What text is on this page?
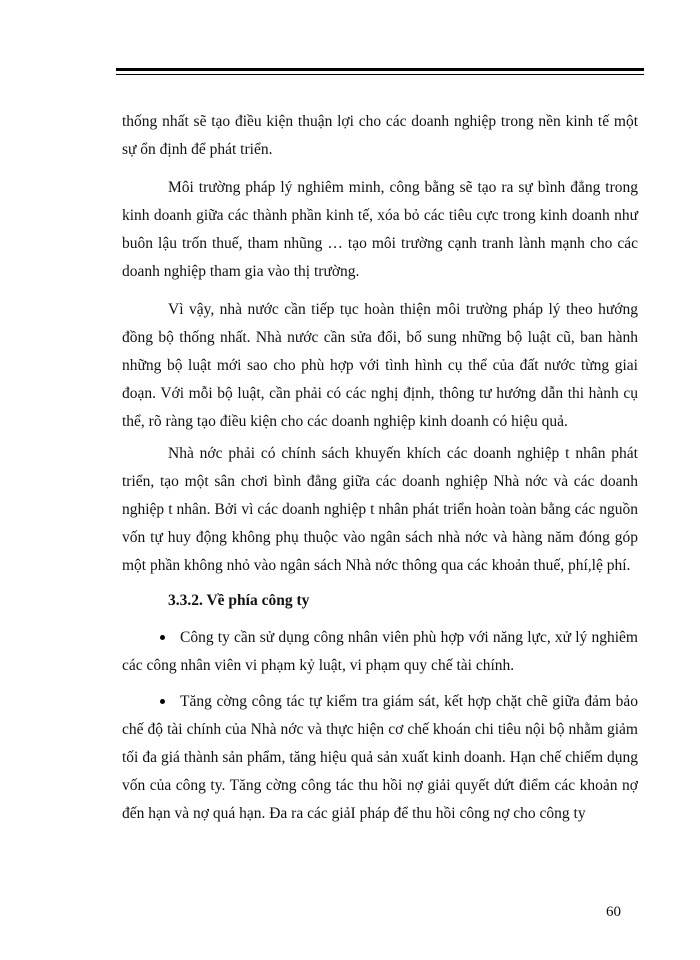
thống nhất sẽ tạo điều kiện thuận lợi cho các doanh nghiệp trong nền kinh tế một sự ổn định để phát triển.

Môi trường pháp lý nghiêm minh, công bằng sẽ tạo ra sự bình đẳng trong kinh doanh giữa các thành phần kinh tế, xóa bỏ các tiêu cực trong kinh doanh như buôn lậu trốn thuế, tham nhũng … tạo môi trường cạnh tranh lành mạnh cho các doanh nghiệp tham gia vào thị trường.

Vì vậy, nhà nước cần tiếp tục hoàn thiện môi trường pháp lý theo hướng đồng bộ thống nhất. Nhà nước cần sửa đổi, bổ sung những bộ luật cũ, ban hành những bộ luật mới sao cho phù hợp với tình hình cụ thể của đất nước từng giai đoạn. Với mỗi bộ luật, cần phải có các nghị định, thông tư hướng dẫn thi hành cụ thể, rõ ràng tạo điều kiện cho các doanh nghiệp kinh doanh có hiệu quả.

Nhà nớc phải có chính sách khuyến khích các doanh nghiệp t nhân phát triển, tạo một sân chơi bình đẳng giữa các doanh nghiệp Nhà nớc và các doanh nghiệp t nhân. Bởi vì các doanh nghiệp t nhân phát triển hoàn toàn bằng các nguồn vốn tự huy động không phụ thuộc vào ngân sách nhà nớc và hàng năm đóng góp một phần không nhỏ vào ngân sách Nhà nớc thông qua các khoản thuế, phí,lệ phí.

3.3.2. Về phía công ty

Công ty cần sử dụng công nhân viên phù hợp với năng lực, xử lý nghiêm các công nhân viên vi phạm kỷ luật, vi phạm quy chế tài chính.

Tăng cờng công tác tự kiểm tra giám sát, kết hợp chặt chẽ giữa đảm bảo chế độ tài chính của Nhà nớc và thực hiện cơ chế khoán chi tiêu nội bộ nhằm giảm tối đa giá thành sản phẩm, tăng hiệu quả sản xuất kinh doanh. Hạn chế chiếm dụng vốn của công ty. Tăng cờng công tác thu hồi nợ giải quyết dứt điểm các khoản nợ đến hạn và nợ quá hạn. Đa ra các giảI pháp để thu hồi công nợ cho công ty

60
